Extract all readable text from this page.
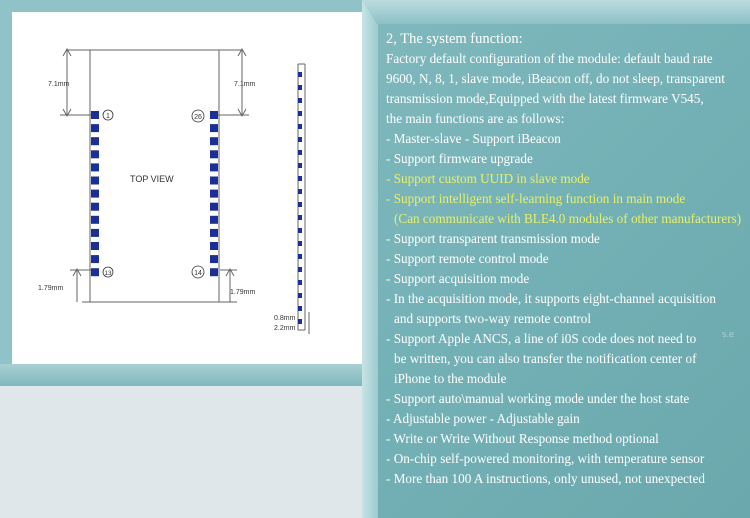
1
13
26
14
TOP VIEW
7.1mm	7.1mm
1.79mm
1.79mm
0.8mm
2.2mm
2, The system function:
Factory default configuration of the module: default baud rate
9600, N, 8, 1, slave mode, iBeacon off, do not sleep, transparent
transmission mode,Equipped with the latest firmware V545,
the main functions are as follows:
- Master-slave - Support iBeacon
- Support firmware upgrade
- Support custom UUID in slave mode
- Support intelligent self-learning function in main mode
(Can communicate with BLE4.0 modules of other manufacturers)
- Support transparent transmission mode
- Support remote control mode
- Support acquisition mode
- In the acquisition mode, it supports eight-channel acquisition
and supports two-way remote control
- Support Apple ANCS, a line of i0S code does not need to
be written, you can also transfer the notification center of
iPhone to the module
- Support auto\manual working mode under the host state
- Adjustable power - Adjustable gain
- Write or Write Without Response method optional
- On-chip self-powered monitoring, with temperature sensor
- More than 100 A instructions, only unused, not unexpected
s.e
